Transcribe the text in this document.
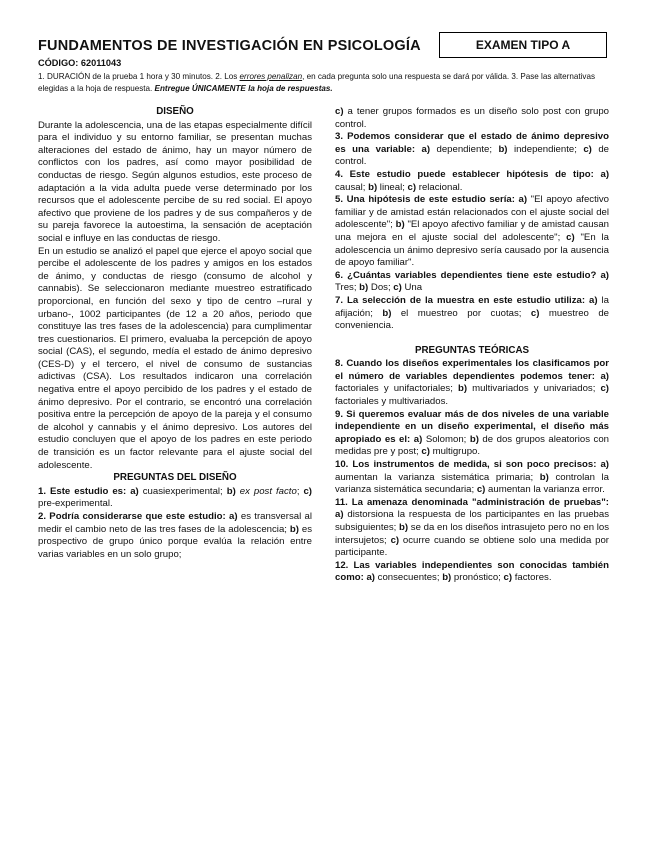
FUNDAMENTOS DE INVESTIGACIÓN EN PSICOLOGÍA	EXAMEN TIPO A
CÓDIGO: 62011043
1. DURACIÓN de la prueba 1 hora y 30 minutos. 2. Los errores penalizan, en cada pregunta solo una respuesta se dará por válida. 3. Pase las alternativas elegidas a la hoja de respuesta. Entregue ÚNICAMENTE la hoja de respuestas.
DISEÑO

Durante la adolescencia, una de las etapas especialmente difícil para el individuo y su entorno familiar, se presentan muchas alteraciones del estado de ánimo, hay un mayor número de conflictos con los padres, así como mayor posibilidad de conductas de riesgo. Según algunos estudios, este proceso de adaptación a la vida adulta puede verse determinado por los recursos que el adolescente percibe de su red social. El apoyo afectivo que proviene de los padres y de sus compañeros y de su pareja favorece la autoestima, la sensación de aceptación social e influye en las conductas de riesgo.

En un estudio se analizó el papel que ejerce el apoyo social que percibe el adolescente de los padres y amigos en los estados de ánimo, y conductas de riesgo (consumo de alcohol y cannabis). Se seleccionaron mediante muestreo estratificado proporcional, en función del sexo y tipo de centro –rural y urbano-, 1002 participantes (de 12 a 20 años, periodo que constituye las tres fases de la adolescencia) para cumplimentar tres cuestionarios. El primero, evaluaba la percepción de apoyo social (CAS), el segundo, medía el estado de ánimo depresivo (CES-D) y el tercero, el nivel de consumo de sustancias adictivas (CSA). Los resultados indicaron una correlación negativa entre el apoyo percibido de los padres y el estado de ánimo depresivo. Por el contrario, se encontró una correlación positiva entre la percepción de apoyo de la pareja y el consumo de alcohol y cannabis y el ánimo depresivo. Los autores del estudio concluyen que el apoyo de los padres en este periodo de transición es un factor relevante para el ajuste social del adolescente.

PREGUNTAS DEL DISEÑO

1. Este estudio es: a) cuasiexperimental; b) ex post facto; c) pre-experimental.

2. Podría considerarse que este estudio: a) es transversal al medir el cambio neto de las tres fases de la adolescencia; b) es prospectivo de grupo único porque evalúa la relación entre varias variables en un solo grupo;

c) a tener grupos formados es un diseño solo post con grupo control.

3. Podemos considerar que el estado de ánimo depresivo es una variable: a) dependiente; b) independiente; c) de control.

4. Este estudio puede establecer hipótesis de tipo: a) causal; b) lineal; c) relacional.

5. Una hipótesis de este estudio sería: a) "El apoyo afectivo familiar y de amistad están relacionados con el ajuste social del adolescente"; b) "El apoyo afectivo familiar y de amistad causan una mejora en el ajuste social del adolescente"; c) "En la adolescencia un ánimo depresivo sería causado por la ausencia de apoyo familiar".

6. ¿Cuántas variables dependientes tiene este estudio? a) Tres; b) Dos; c) Una

7. La selección de la muestra en este estudio utiliza: a) la afijación; b) el muestreo por cuotas; c) muestreo de conveniencia.

PREGUNTAS TEÓRICAS

8. Cuando los diseños experimentales los clasificamos por el número de variables dependientes podemos tener: a) factoriales y unifactoriales; b) multivariados y univariados; c) factoriales y multivariados.

9. Si queremos evaluar más de dos niveles de una variable independiente en un diseño experimental, el diseño más apropiado es el: a) Solomon; b) de dos grupos aleatorios con medidas pre y post; c) multigrupo.

10. Los instrumentos de medida, si son poco precisos: a) aumentan la varianza sistemática primaria; b) controlan la varianza sistemática secundaria; c) aumentan la varianza error.

11. La amenaza denominada "administración de pruebas": a) distorsiona la respuesta de los participantes en las pruebas subsiguientes; b) se da en los diseños intrasujeto pero no en los intersujetos; c) ocurre cuando se obtiene solo una medida por participante.

12. Las variables independientes son conocidas también como: a) consecuentes; b) pronóstico; c) factores.
